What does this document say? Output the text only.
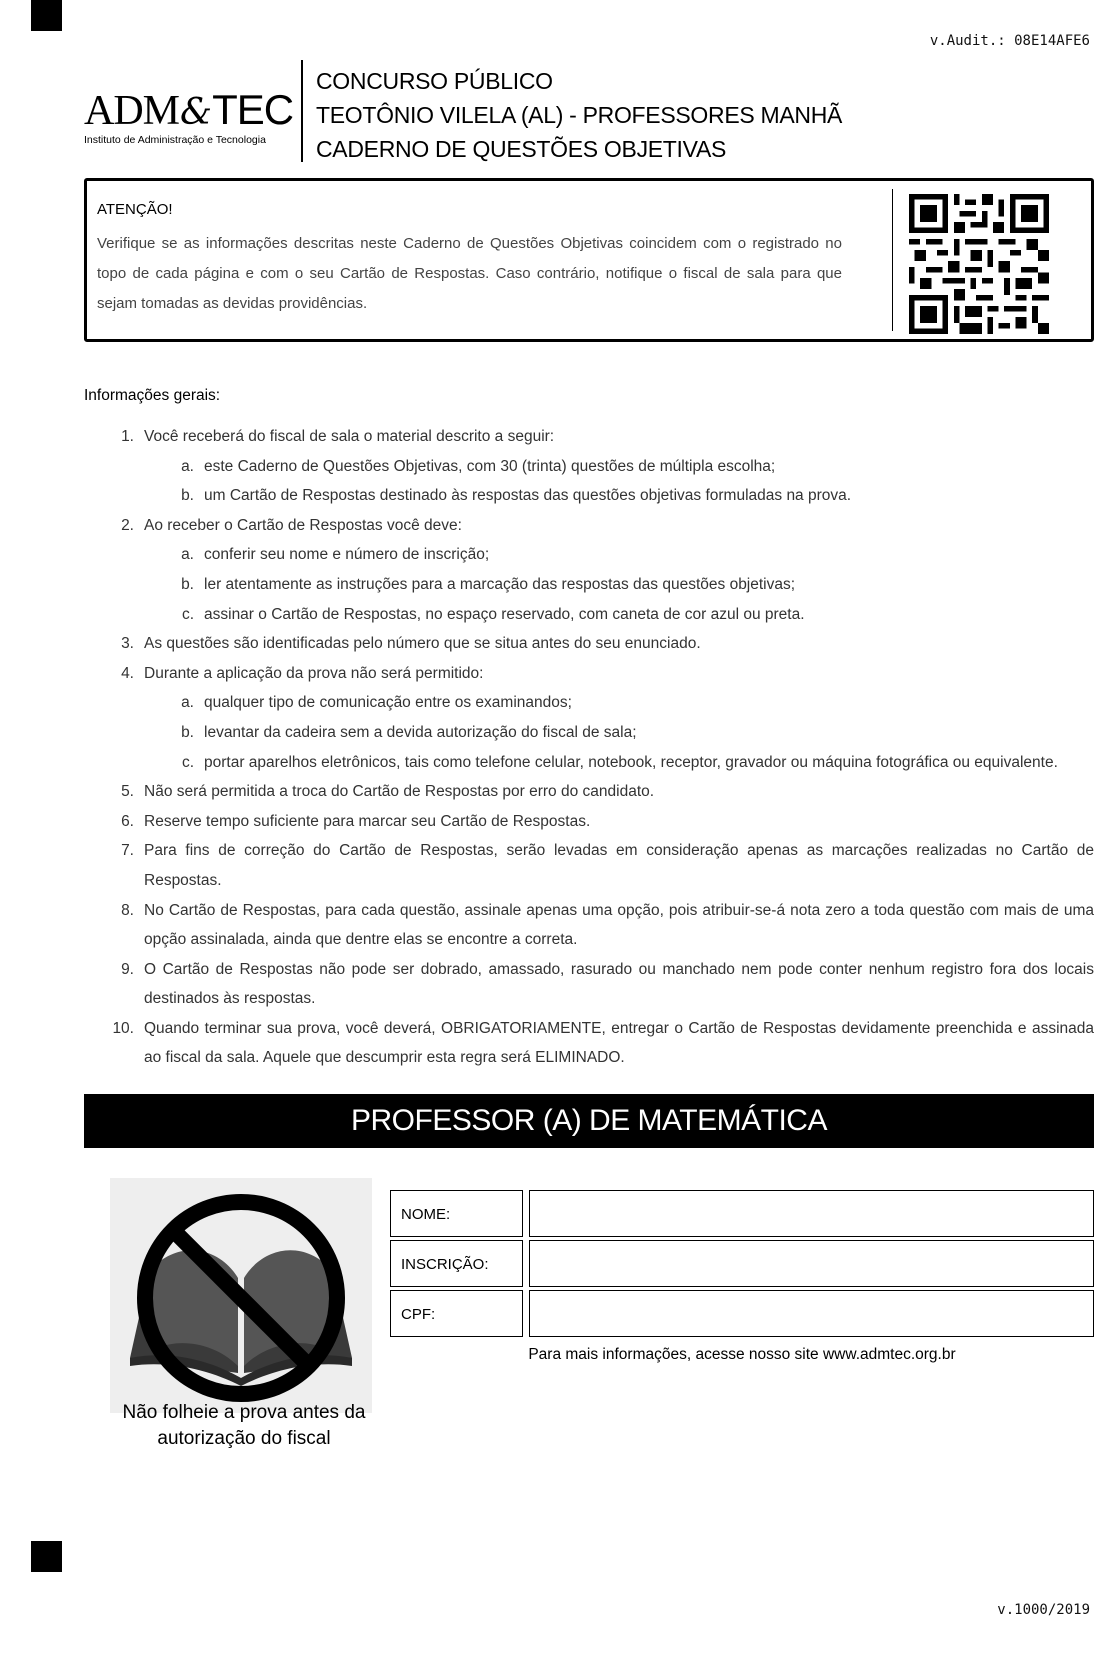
v.Audit.: 08E14AFE6
ADM&TEC
Instituto de Administração e Tecnologia
CONCURSO PÚBLICO
TEOTÔNIO VILELA (AL) - PROFESSORES MANHÃ
CADERNO DE QUESTÕES OBJETIVAS
ATENÇÃO!
Verifique se as informações descritas neste Caderno de Questões Objetivas coincidem com o registrado no topo de cada página e com o seu Cartão de Respostas. Caso contrário, notifique o fiscal de sala para que sejam tomadas as devidas providências.
Informações gerais:
1. Você receberá do fiscal de sala o material descrito a seguir:
a. este Caderno de Questões Objetivas, com 30 (trinta) questões de múltipla escolha;
b. um Cartão de Respostas destinado às respostas das questões objetivas formuladas na prova.
2. Ao receber o Cartão de Respostas você deve:
a. conferir seu nome e número de inscrição;
b. ler atentamente as instruções para a marcação das respostas das questões objetivas;
c. assinar o Cartão de Respostas, no espaço reservado, com caneta de cor azul ou preta.
3. As questões são identificadas pelo número que se situa antes do seu enunciado.
4. Durante a aplicação da prova não será permitido:
a. qualquer tipo de comunicação entre os examinandos;
b. levantar da cadeira sem a devida autorização do fiscal de sala;
c. portar aparelhos eletrônicos, tais como telefone celular, notebook, receptor, gravador ou máquina fotográfica ou equivalente.
5. Não será permitida a troca do Cartão de Respostas por erro do candidato.
6. Reserve tempo suficiente para marcar seu Cartão de Respostas.
7. Para fins de correção do Cartão de Respostas, serão levadas em consideração apenas as marcações realizadas no Cartão de Respostas.
8. No Cartão de Respostas, para cada questão, assinale apenas uma opção, pois atribuir-se-á nota zero a toda questão com mais de uma opção assinalada, ainda que dentre elas se encontre a correta.
9. O Cartão de Respostas não pode ser dobrado, amassado, rasurado ou manchado nem pode conter nenhum registro fora dos locais destinados às respostas.
10. Quando terminar sua prova, você deverá, OBRIGATORIAMENTE, entregar o Cartão de Respostas devidamente preenchida e assinada ao fiscal da sala. Aquele que descumprir esta regra será ELIMINADO.
PROFESSOR (A) DE MATEMÁTICA
Não folheie a prova antes da autorização do fiscal
NOME:
INSCRIÇÃO:
CPF:
Para mais informações, acesse nosso site www.admtec.org.br
v.1000/2019
